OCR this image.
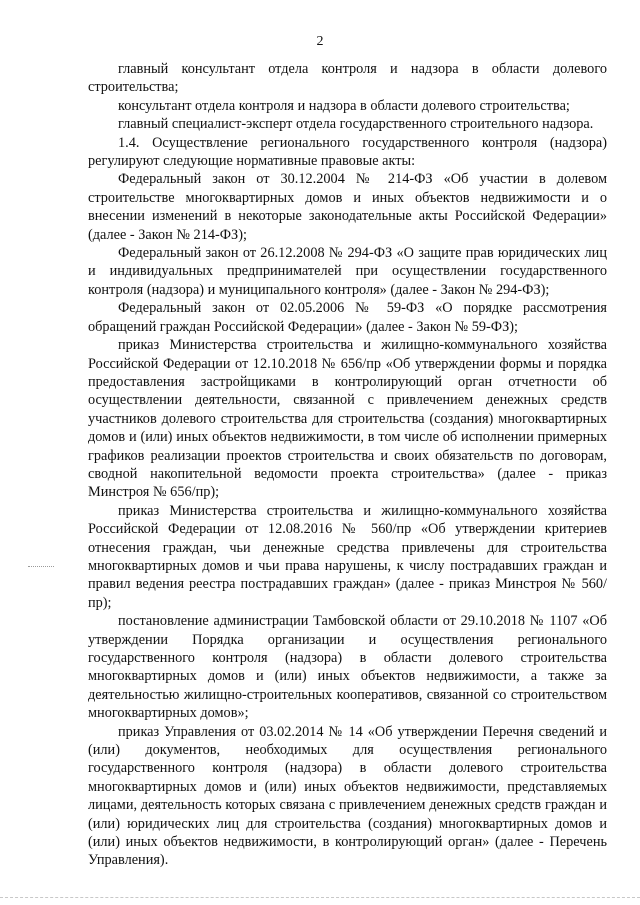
2

главный консультант отдела контроля и надзора в области долевого строительства;

консультант отдела контроля и надзора в области долевого строительства;

главный специалист-эксперт отдела государственного строительного надзора.

1.4. Осуществление регионального государственного контроля (надзора) регулируют следующие нормативные правовые акты:

Федеральный закон от 30.12.2004 № 214-ФЗ «Об участии в долевом строительстве многоквартирных домов и иных объектов недвижимости и о внесении изменений в некоторые законодательные акты Российской Федерации» (далее - Закон № 214-ФЗ);

Федеральный закон от 26.12.2008 № 294-ФЗ «О защите прав юридических лиц и индивидуальных предпринимателей при осуществлении государственного контроля (надзора) и муниципального контроля» (далее - Закон № 294-ФЗ);

Федеральный закон от 02.05.2006 № 59-ФЗ «О порядке рассмотрения обращений граждан Российской Федерации» (далее - Закон № 59-ФЗ);

приказ Министерства строительства и жилищно-коммунального хозяйства Российской Федерации от 12.10.2018 № 656/пр «Об утверждении формы и порядка предоставления застройщиками в контролирующий орган отчетности об осуществлении деятельности, связанной с привлечением денежных средств участников долевого строительства для строительства (создания) многоквартирных домов и (или) иных объектов недвижимости, в том числе об исполнении примерных графиков реализации проектов строительства и своих обязательств по договорам, сводной накопительной ведомости проекта строительства» (далее - приказ Минстроя № 656/пр);

приказ Министерства строительства и жилищно-коммунального хозяйства Российской Федерации от 12.08.2016 № 560/пр «Об утверждении критериев отнесения граждан, чьи денежные средства привлечены для строительства многоквартирных домов и чьи права нарушены, к числу пострадавших граждан и правил ведения реестра пострадавших граждан» (далее - приказ Минстроя № 560/пр);

постановление администрации Тамбовской области от 29.10.2018 № 1107 «Об утверждении Порядка организации и осуществления регионального государственного контроля (надзора) в области долевого строительства многоквартирных домов и (или) иных объектов недвижимости, а также за деятельностью жилищно-строительных кооперативов, связанной со строительством многоквартирных домов»;

приказ Управления от 03.02.2014 № 14 «Об утверждении Перечня сведений и (или) документов, необходимых для осуществления регионального государственного контроля (надзора) в области долевого строительства многоквартирных домов и (или) иных объектов недвижимости, представляемых лицами, деятельность которых связана с привлечением денежных средств граждан и (или) юридических лиц для строительства (создания) многоквартирных домов и (или) иных объектов недвижимости, в контролирующий орган» (далее - Перечень Управления).
